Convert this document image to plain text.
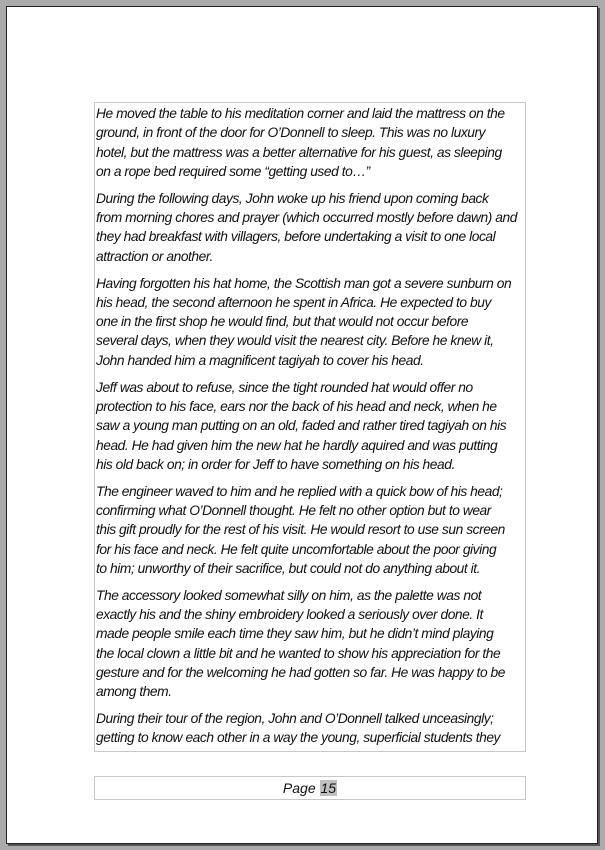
He moved the table to his meditation corner and laid the mattress on the
ground, in front of the door for O’Donnell to sleep. This was no luxury
hotel, but the mattress was a better alternative for his guest, as sleeping
on a rope bed required some “getting used to…”

During the following days, John woke up his friend upon coming back
from morning chores and prayer (which occurred mostly before dawn) and
they had breakfast with villagers, before undertaking a visit to one local
attraction or another.

Having forgotten his hat home, the Scottish man got a severe sunburn on
his head, the second afternoon he spent in Africa. He expected to buy
one in the first shop he would find, but that would not occur before
several days, when they would visit the nearest city. Before he knew it,
John handed him a magnificent tagiyah to cover his head.

Jeff was about to refuse, since the tight rounded hat would offer no
protection to his face, ears nor the back of his head and neck, when he
saw a young man putting on an old, faded and rather tired tagiyah on his
head. He had given him the new hat he hardly aquired and was putting
his old back on; in order for Jeff to have something on his head.

The engineer waved to him and he replied with a quick bow of his head;
confirming what O’Donnell thought. He felt no other option but to wear
this gift proudly for the rest of his visit. He would resort to use sun screen
for his face and neck. He felt quite uncomfortable about the poor giving
to him; unworthy of their sacrifice, but could not do anything about it.

The accessory looked somewhat silly on him, as the palette was not
exactly his and the shiny embroidery looked a seriously over done. It
made people smile each time they saw him, but he didn’t mind playing
the local clown a little bit and he wanted to show his appreciation for the
gesture and for the welcoming he had gotten so far. He was happy to be
among them.

During their tour of the region, John and O’Donnell talked unceasingly;
getting to know each other in a way the young, superficial students they

Page 15
